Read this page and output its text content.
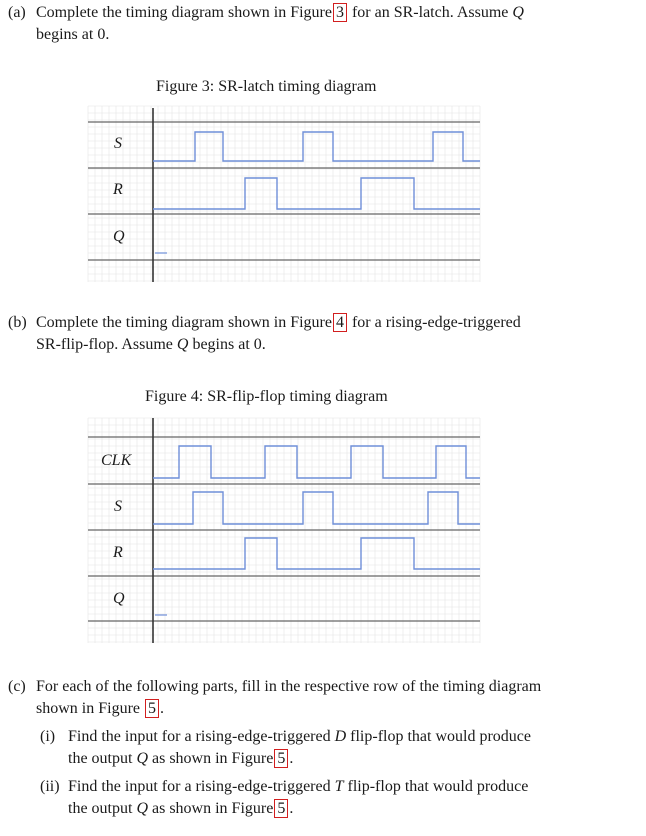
(a) Complete the timing diagram shown in Figure 3 for an SR-latch. Assume Q
begins at 0.
Figure 3: SR-latch timing diagram
S
R
Q
(b) Complete the timing diagram shown in Figure 4 for a rising-edge-triggered
SR-flip-flop. Assume Q begins at 0.
Figure 4: SR-flip-flop timing diagram
CLK
S
R
Q
(c) For each of the following parts, fill in the respective row of the timing diagram
shown in Figure 5 .
(i) Find the input for a rising-edge-triggered D flip-flop that would produce
the output Q as shown in Figure 5 .
(ii) Find the input for a rising-edge-triggered T flip-flop that would produce
the output Q as shown in Figure 5 .
